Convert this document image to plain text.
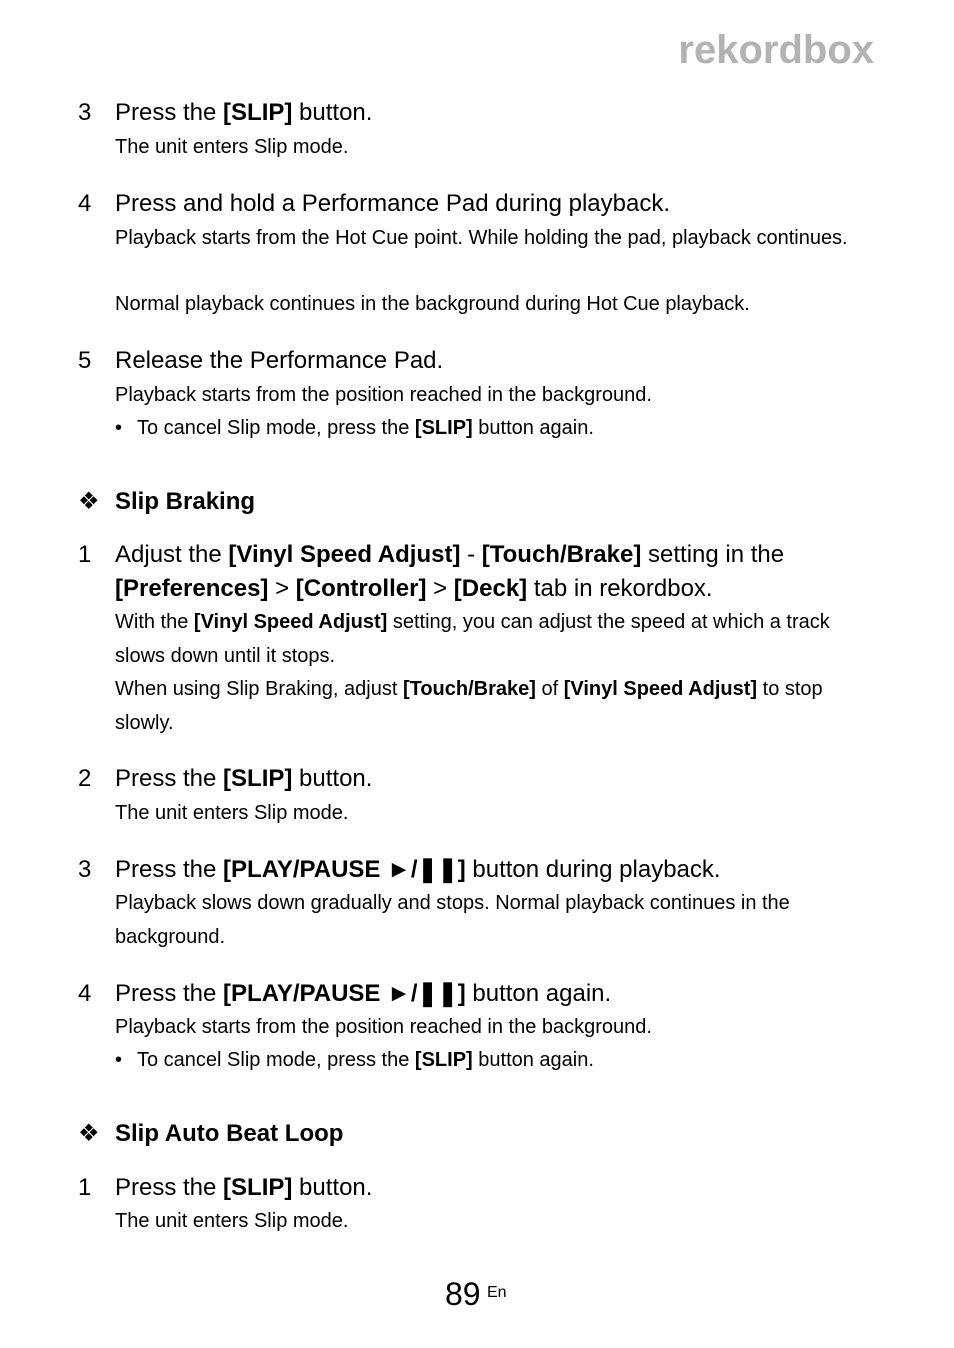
rekordbox
3 Press the [SLIP] button.
The unit enters Slip mode.
4 Press and hold a Performance Pad during playback.
Playback starts from the Hot Cue point. While holding the pad, playback continues.
Normal playback continues in the background during Hot Cue playback.
5 Release the Performance Pad.
Playback starts from the position reached in the background.
• To cancel Slip mode, press the [SLIP] button again.
❖ Slip Braking
1 Adjust the [Vinyl Speed Adjust] - [Touch/Brake] setting in the [Preferences] > [Controller] > [Deck] tab in rekordbox.
With the [Vinyl Speed Adjust] setting, you can adjust the speed at which a track slows down until it stops.
When using Slip Braking, adjust [Touch/Brake] of [Vinyl Speed Adjust] to stop slowly.
2 Press the [SLIP] button.
The unit enters Slip mode.
3 Press the [PLAY/PAUSE ►/❚❚] button during playback.
Playback slows down gradually and stops. Normal playback continues in the background.
4 Press the [PLAY/PAUSE ►/❚❚] button again.
Playback starts from the position reached in the background.
• To cancel Slip mode, press the [SLIP] button again.
❖ Slip Auto Beat Loop
1 Press the [SLIP] button.
The unit enters Slip mode.
89 En
